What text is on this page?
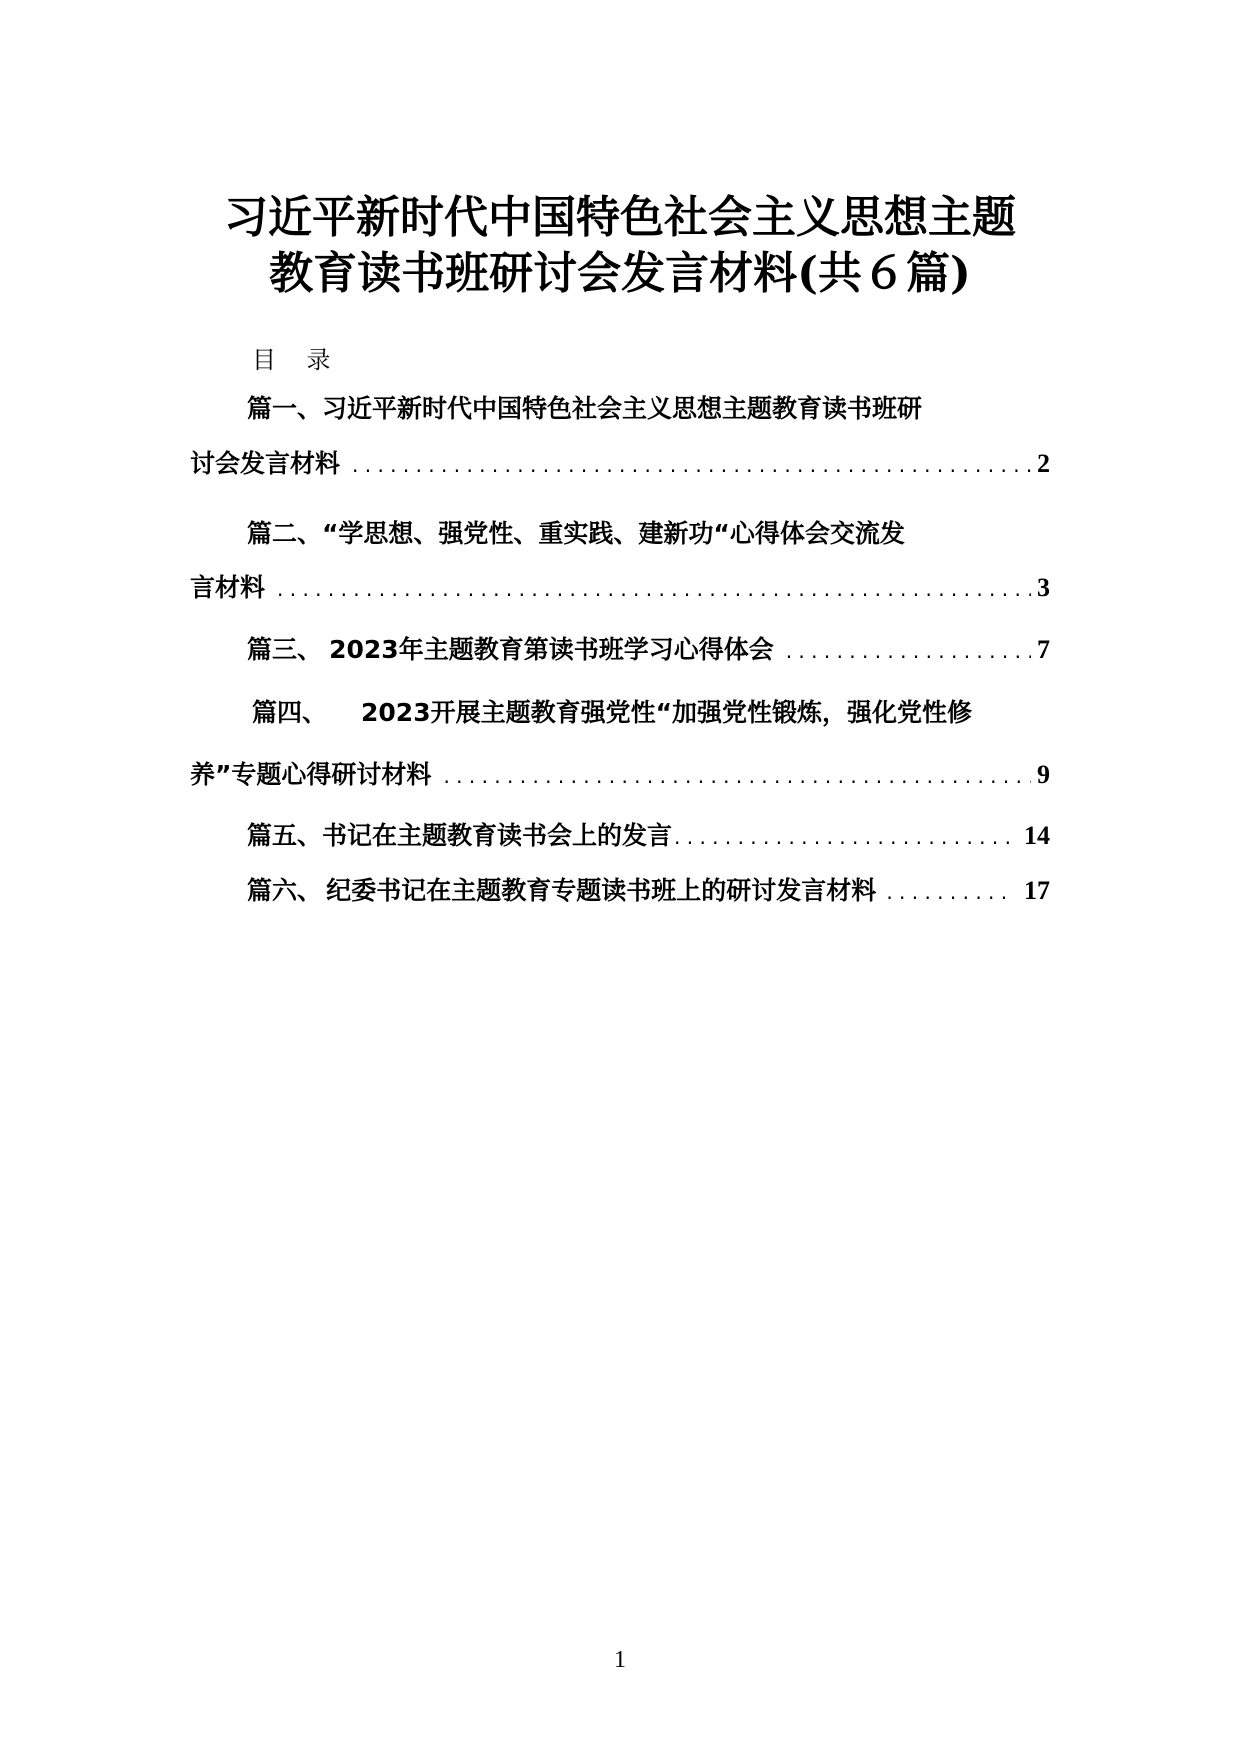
习近平新时代中国特色社会主义思想主题
教育读书班研讨会发言材料(共６篇)
目    录
篇一、习近平新时代中国特色社会主义思想主题教育读书班研
讨会发言材料 . . .	2
篇二、“学思想、强党性、重实践、建新功“心得体会交流发
言材料 . . .	3
篇三、 2023年主题教育第读书班学习心得体会 . . .	7
篇四、 2023开展主题教育强党性“加强党性锻炼，强化党性修
养”专题心得研讨材料 . . .	9
篇五、书记在主题教育读书会上的发言 . . .	14
篇六、 纪委书记在主题教育专题读书班上的研讨发言材料 . . .	17
1
